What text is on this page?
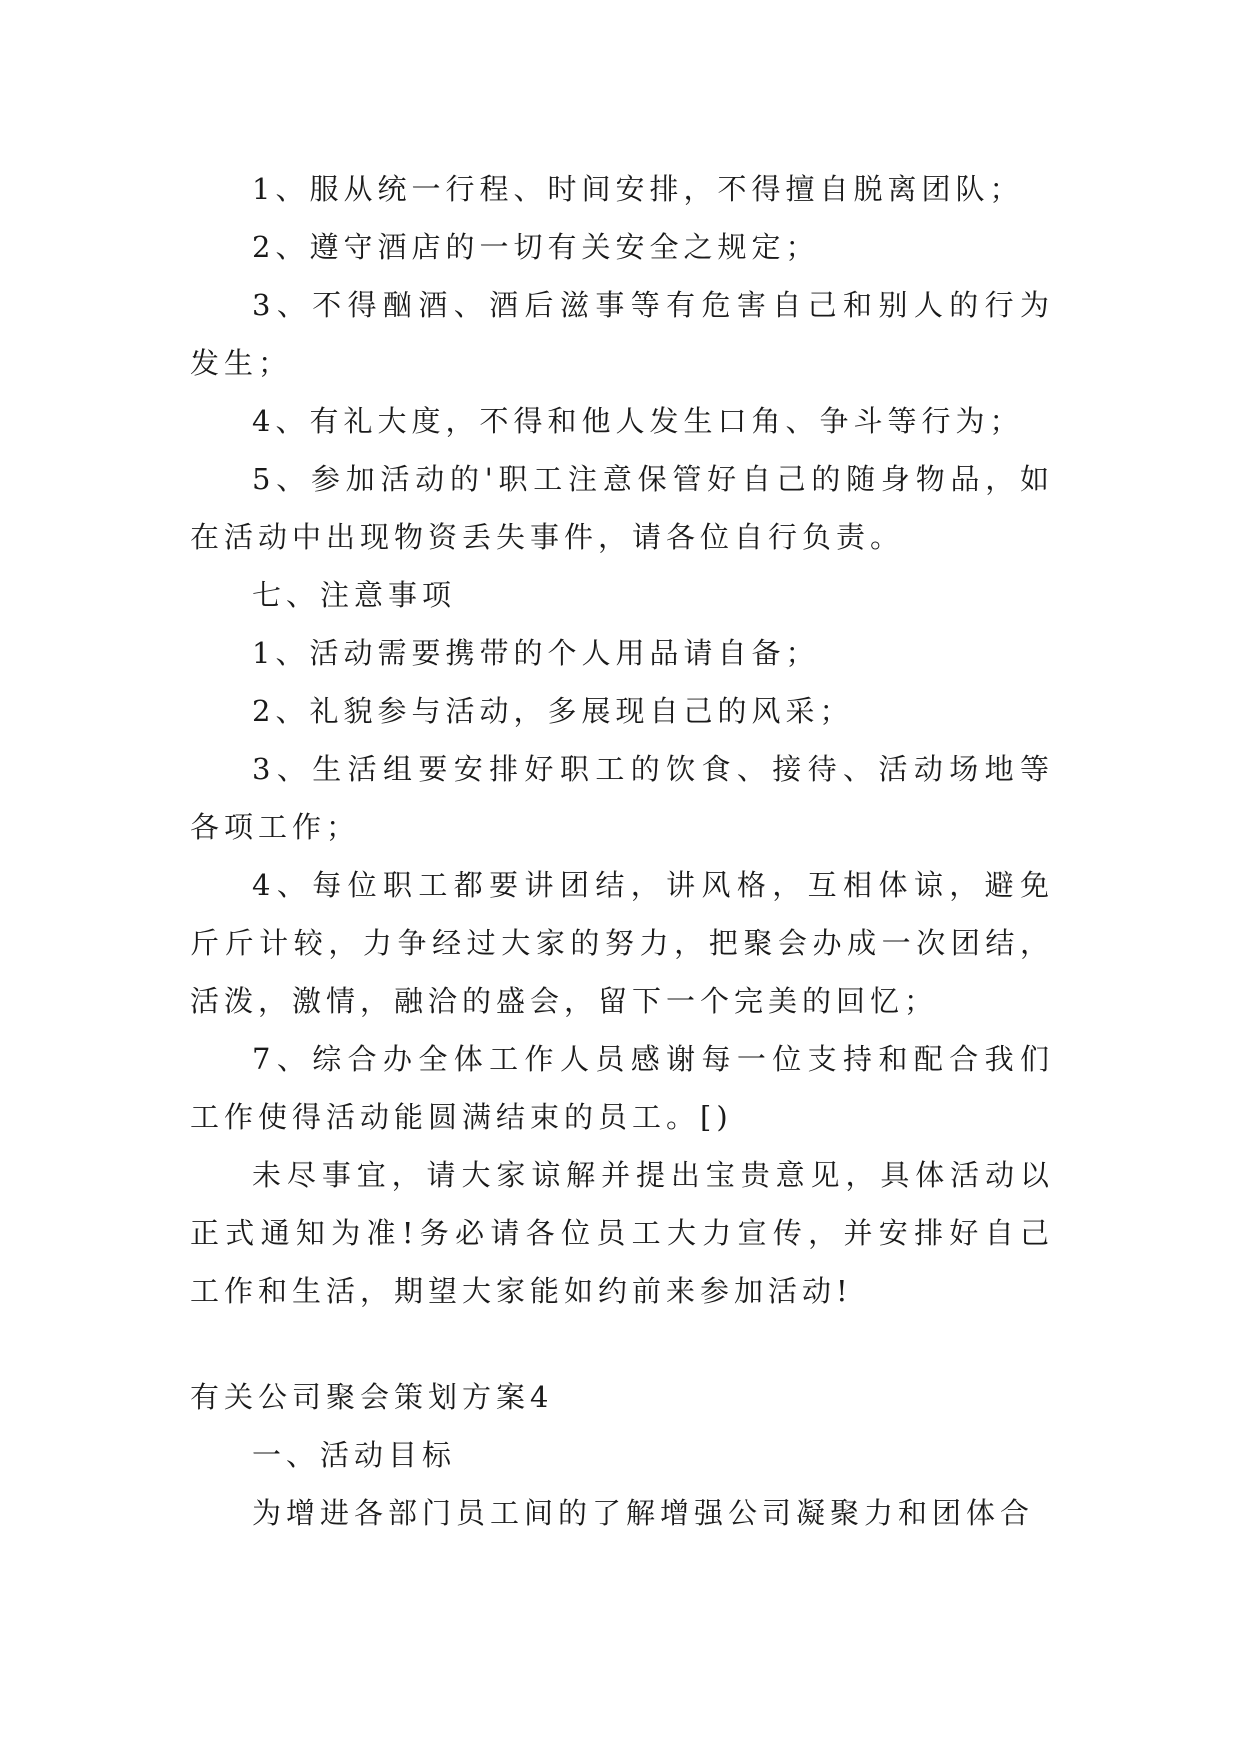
1、服从统一行程、时间安排，不得擅自脱离团队；

2、遵守酒店的一切有关安全之规定；

3、不得酗酒、酒后滋事等有危害自己和别人的行为发生；

4、有礼大度，不得和他人发生口角、争斗等行为；

5、参加活动的'职工注意保管好自己的随身物品，如在活动中出现物资丢失事件，请各位自行负责。

七、注意事项

1、活动需要携带的个人用品请自备；

2、礼貌参与活动，多展现自己的风采；

3、生活组要安排好职工的饮食、接待、活动场地等各项工作；

4、每位职工都要讲团结，讲风格，互相体谅，避免斤斤计较，力争经过大家的努力，把聚会办成一次团结，活泼，激情，融洽的盛会，留下一个完美的回忆；

7、综合办全体工作人员感谢每一位支持和配合我们工作使得活动能圆满结束的员工。[)

未尽事宜，请大家谅解并提出宝贵意见，具体活动以正式通知为准!务必请各位员工大力宣传，并安排好自己工作和生活，期望大家能如约前来参加活动!

有关公司聚会策划方案4

一、活动目标

为增进各部门员工间的了解增强公司凝聚力和团体合
